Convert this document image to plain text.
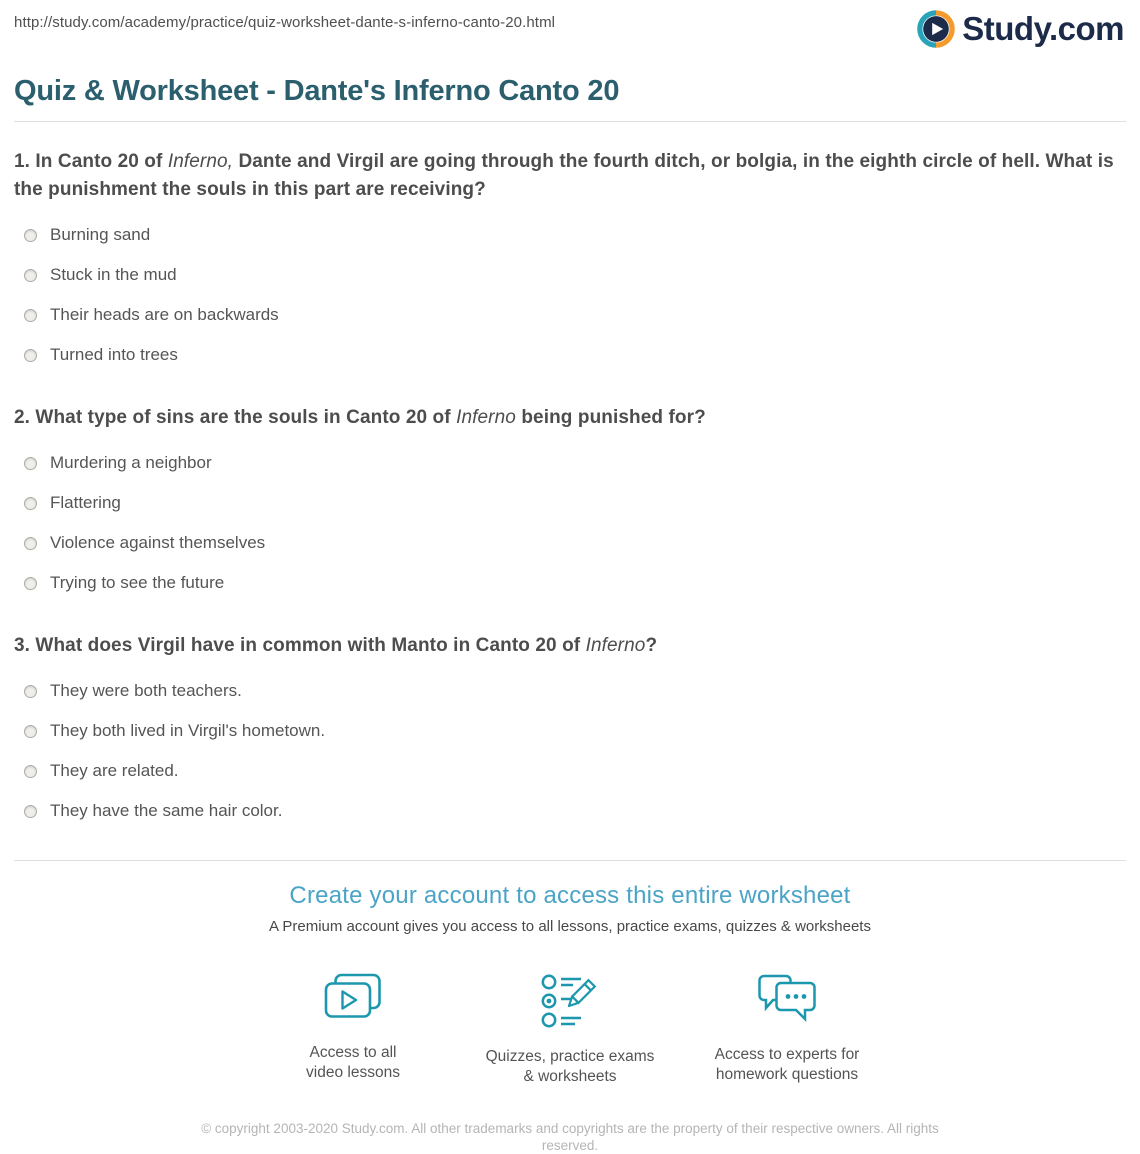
http://study.com/academy/practice/quiz-worksheet-dante-s-inferno-canto-20.html	Study.com
Quiz & Worksheet - Dante's Inferno Canto 20
1. In Canto 20 of Inferno, Dante and Virgil are going through the fourth ditch, or bolgia, in the eighth circle of hell. What is the punishment the souls in this part are receiving?
Burning sand
Stuck in the mud
Their heads are on backwards
Turned into trees
2. What type of sins are the souls in Canto 20 of Inferno being punished for?
Murdering a neighbor
Flattering
Violence against themselves
Trying to see the future
3. What does Virgil have in common with Manto in Canto 20 of Inferno?
They were both teachers.
They both lived in Virgil's hometown.
They are related.
They have the same hair color.
Create your account to access this entire worksheet

A Premium account gives you access to all lessons, practice exams, quizzes & worksheets

Access to all
video lessons
Quizzes, practice exams
& worksheets
Access to experts for
homework questions

© copyright 2003-2020 Study.com. All other trademarks and copyrights are the property of their respective owners. All rights reserved.
